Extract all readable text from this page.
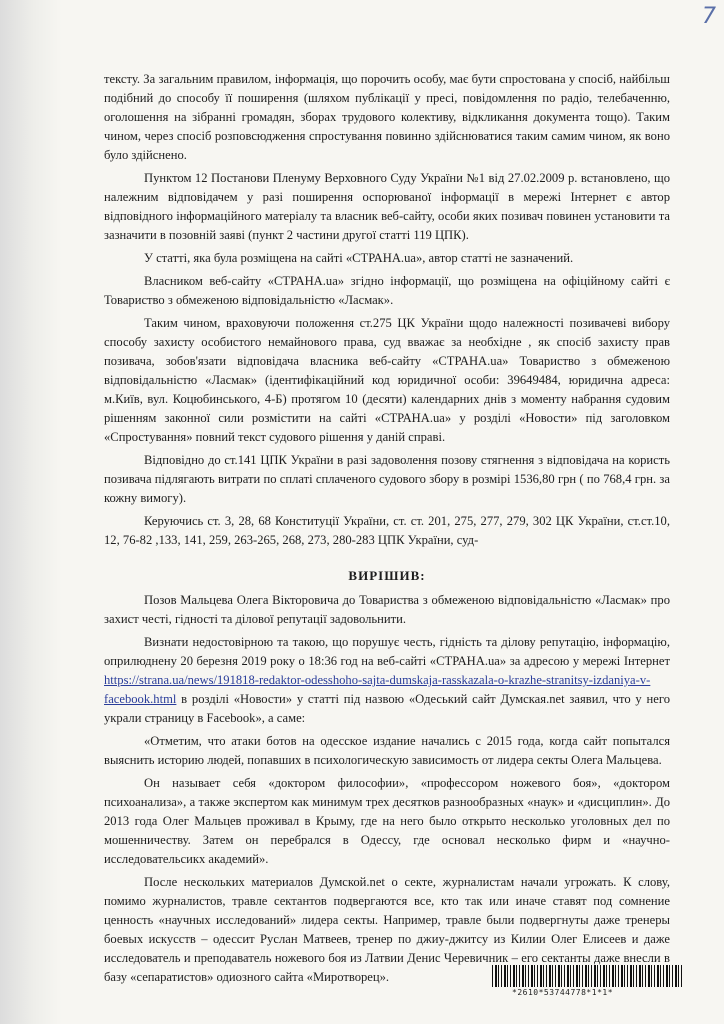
7

тексту. За загальним правилом, інформація, що порочить особу, має бути спростована у спосіб, найбільш подібний до способу її поширення (шляхом публікації у пресі, повідомлення по радіо, телебаченню, оголошення на зібранні громадян, зборах трудового колективу, відкликання документа тощо). Таким чином, через спосіб розповсюдження спростування повинно здійснюватися таким самим чином, як воно було здійснено.

Пунктом 12 Постанови Пленуму Верховного Суду України №1 від 27.02.2009 р. встановлено, що належним відповідачем у разі поширення оспорюваної інформації в мережі Інтернет є автор відповідного інформаційного матеріалу та власник веб-сайту, особи яких позивач повинен установити та зазначити в позовній заяві (пункт 2 частини другої статті 119 ЦПК).

У статті, яка була розміщена на сайті «СТРАНА.ua», автор статті не зазначений.

Власником веб-сайту «СТРАНА.ua» згідно інформації, що розміщена на офіційному сайті є Товариство з обмеженою відповідальністю «Ласмак».

Таким чином, враховуючи положення ст.275 ЦК України щодо належності позивачеві вибору способу захисту особистого немайнового права, суд вважає за необхідне , як спосіб захисту прав позивача, зобов'язати відповідача власника веб-сайту «СТРАНА.ua» Товариство з обмеженою відповідальністю «Ласмак» (ідентифікаційний код юридичної особи: 39649484, юридична адреса: м.Київ, вул. Коцюбинського, 4-Б) протягом 10 (десяти) календарних днів з моменту набрання судовим рішенням законної сили розмістити на сайті «СТРАНА.ua» у розділі «Новости» під заголовком «Спростування» повний текст судового рішення у даній справі.

Відповідно до ст.141 ЦПК України в разі задоволення позову стягнення з відповідача на користь позивача підлягають витрати по сплаті сплаченого судового збору в розмірі 1536,80 грн ( по 768,4 грн. за кожну вимогу).

Керуючись ст. 3, 28, 68 Конституції України, ст. ст. 201, 275, 277, 279, 302 ЦК України, ст.ст.10, 12, 76-82 ,133, 141, 259, 263-265, 268, 273, 280-283 ЦПК України, суд-

ВИРІШИВ:

Позов Мальцева Олега Вікторовича до Товариства з обмеженою відповідальністю «Ласмак» про захист честі, гідності та ділової репутації задовольнити.

Визнати недостовірною та такою, що порушує честь, гідність та ділову репутацію, інформацію, оприлюднену 20 березня 2019 року о 18:36 год на веб-сайті «СТРАНА.ua» за адресою у мережі Інтернет https://strana.ua/news/191818-redaktor-odesshoho-sajta-dumskaja-rasskazala-o-krazhe-stranitsy-izdaniya-v-facebook.html в розділі «Новости» у статті під назвою «Одеський сайт Думская.net заявил, что у него украли страницу в Facebook», а саме:

«Отметим, что атаки ботов на одесское издание начались с 2015 года, когда сайт попытался выяснить историю людей, попавших в психологическую зависимость от лидера секты Олега Мальцева.

Он называет себя «доктором философии», «профессором ножевого боя», «доктором психоанализа», а также экспертом как минимум трех десятков разнообразных «наук» и «дисциплин». До 2013 года Олег Мальцев проживал в Крыму, где на него было открыто несколько уголовных дел по мошенничеству. Затем он перебрался в Одессу, где основал несколько фирм и «научно-исследовательсикх академий».

После нескольких материалов Думской.net о секте, журналистам начали угрожать. К слову, помимо журналистов, травле сектантов подвергаются все, кто так или иначе ставят под сомнение ценность «научных исследований» лидера секты. Например, травле были подвергнуты даже тренеры боевых искусств – одессит Руслан Матвеев, тренер по джиу-джитсу из Килии Олег Елисеев и даже исследователь и преподаватель ножевого боя из Латвии Денис Черевичник – его сектанты даже внесли в базу «сепаратистов» одиозного сайта «Миротворец».

*2610*53744778*1*1*
